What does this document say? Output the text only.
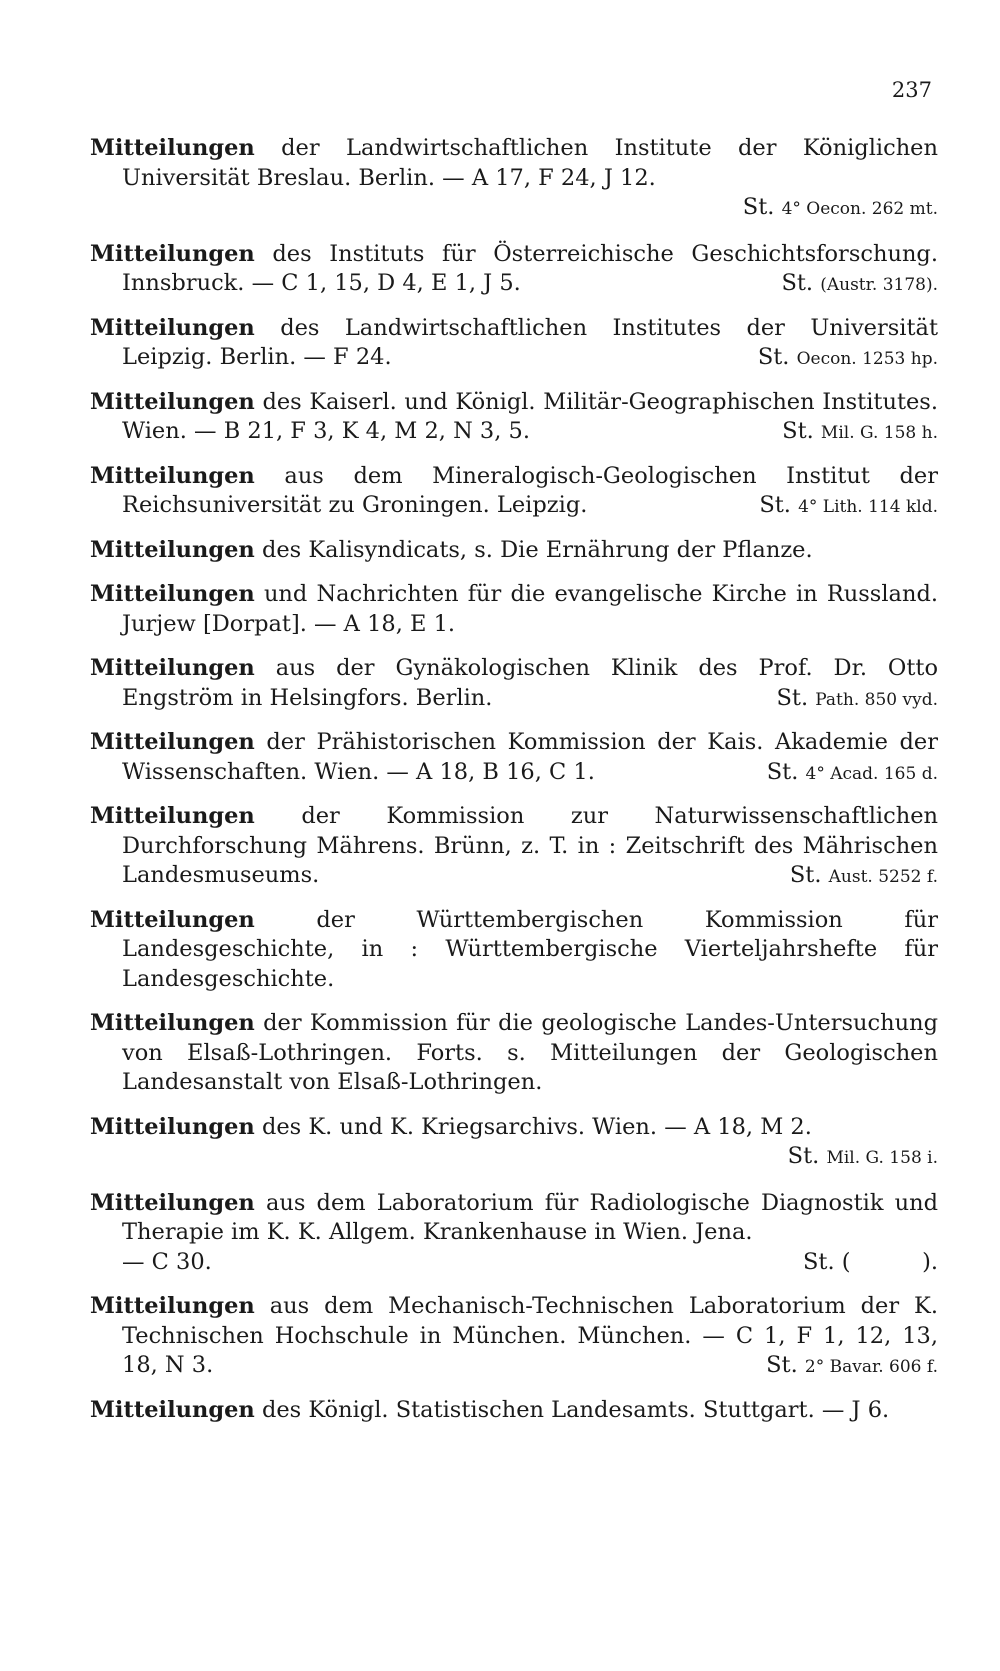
237

Mitteilungen der Landwirtschaftlichen Institute der Königlichen Universität Breslau. Berlin. — A 17, F 24, J 12.
St. 4° Oecon. 262 mt.

Mitteilungen des Instituts für Österreichische Geschichtsforschung. Innsbruck. — C 1, 15, D 4, E 1, J 5.	St. (Austr. 3178).

Mitteilungen des Landwirtschaftlichen Institutes der Universität Leipzig. Berlin. — F 24.	St. Oecon. 1253 hp.

Mitteilungen des Kaiserl. und Königl. Militär-Geographischen Institutes. Wien. — B 21, F 3, K 4, M 2, N 3, 5.	St. Mil. G. 158 h.

Mitteilungen aus dem Mineralogisch-Geologischen Institut der Reichsuniversität zu Groningen. Leipzig.	St. 4° Lith. 114 kld.

Mitteilungen des Kalisyndicats, s. Die Ernährung der Pflanze.

Mitteilungen und Nachrichten für die evangelische Kirche in Russland. Jurjew [Dorpat]. — A 18, E 1.

Mitteilungen aus der Gynäkologischen Klinik des Prof. Dr. Otto Engström in Helsingfors. Berlin.	St. Path. 850 vyd.

Mitteilungen der Prähistorischen Kommission der Kais. Akademie der Wissenschaften. Wien. — A 18, B 16, C 1.	St. 4° Acad. 165 d.

Mitteilungen der Kommission zur Naturwissenschaftlichen Durchforschung Mährens. Brünn, z. T. in : Zeitschrift des Mährischen Landesmuseums.	St. Aust. 5252 f.

Mitteilungen	der Württembergischen Kommission für Landesgeschichte, in : Württembergische Vierteljahrshefte für Landesgeschichte.

Mitteilungen der Kommission für die geologische Landes-Untersuchung von Elsaß-Lothringen. Forts. s. Mitteilungen der Geologischen Landesanstalt von Elsaß-Lothringen.

Mitteilungen des K. und K. Kriegsarchivs. Wien. — A 18, M 2.
St. Mil. G. 158 i.

Mitteilungen aus dem Laboratorium für Radiologische Diagnostik und Therapie im K. K. Allgem. Krankenhause in Wien. Jena.
— C 30.	St. (          ).

Mitteilungen aus dem Mechanisch-Technischen Laboratorium der K. Technischen Hochschule in München. München. — C 1, F 1, 12, 13, 18, N 3.	St. 2° Bavar. 606 f.

Mitteilungen des Königl. Statistischen Landesamts. Stuttgart. — J 6.
